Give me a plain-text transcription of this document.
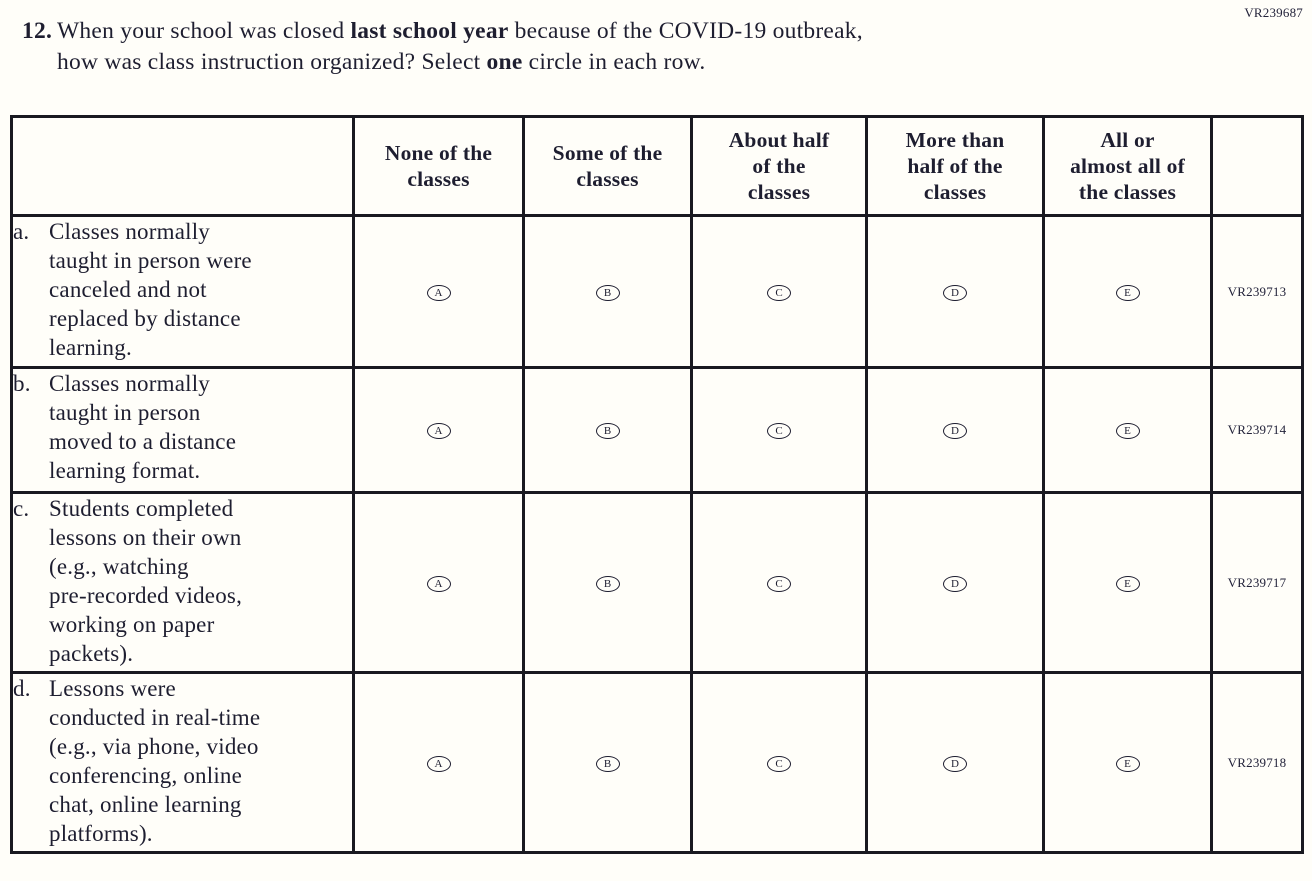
VR239687
12. When your school was closed last school year because of the COVID-19 outbreak,
how was class instruction organized? Select one circle in each row.

None of the
classes

Some of the
classes

About half
of the
classes

More than
half of the
classes

All or
almost all of
the classes

a. Classes normally
taught in person were
canceled and not
replaced by distance
learning.

A	B	C	D	E	VR239713

b. Classes normally
taught in person
moved to a distance
learning format.	A	B	C	D	E	VR239714

c. Students completed
lessons on their own
(e.g., watching
pre-recorded videos,
working on paper
packets).

A	B	C	D	E	VR239717

d. Lessons were
conducted in real-time
(e.g., via phone, video
conferencing, online
chat, online learning
platforms).

A	B	C	D	E	VR239718
